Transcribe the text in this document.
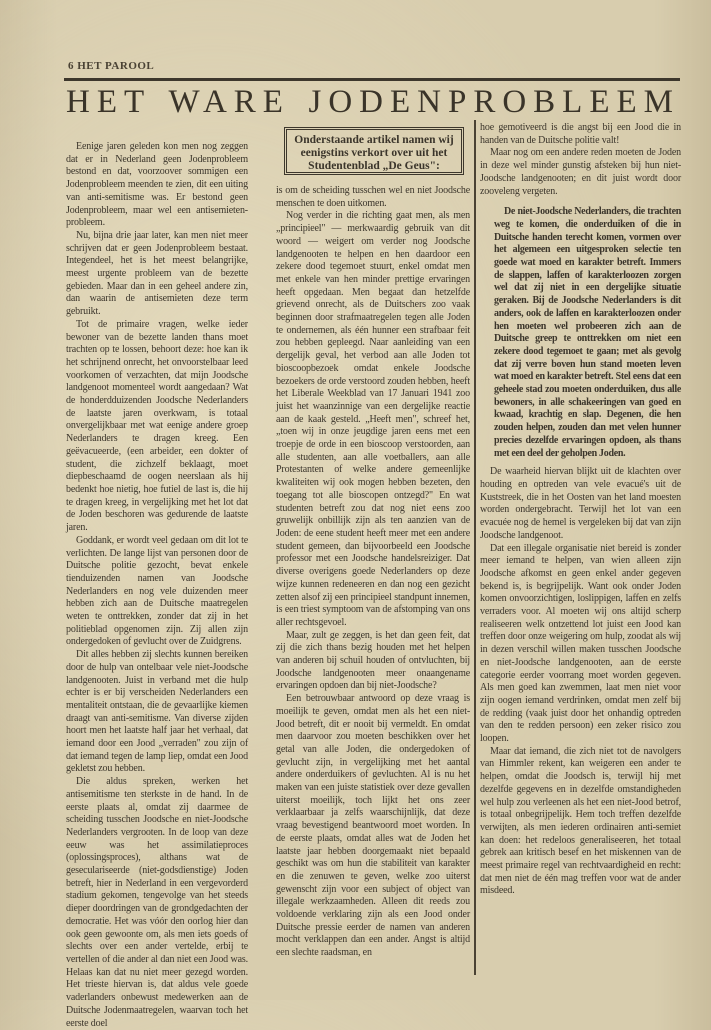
6 HET PAROOL
HET WARE JODENPROBLEEM
Onderstaande artikel namen wij eenigstins verkort over uit het Studentenblad „De Geus":

Eenige jaren geleden kon men nog zeggen dat er in Nederland geen Jodenprobleem bestond en dat, voorzoover sommigen een Jodenprobleem meenden te zien, dit een uiting van anti-semitisme was. Er bestond geen Jodenprobleem, maar wel een antisemieten-probleem.

Nu, bijna drie jaar later, kan men niet meer schrijven dat er geen Jodenprobleem bestaat. Integendeel, het is het meest belangrijke, meest urgente probleem van de bezette gebieden. Maar dan in een geheel andere zin, dan waarin de antisemieten deze term gebruikt.

Tot de primaire vragen, welke ieder bewoner van de bezette landen thans moet trachten op te lossen, behoort deze: hoe kan ik het schrijnend onrecht, het onvoorstelbaar leed voorkomen of verzachten, dat mijn Joodsche landgenoot momenteel wordt aangedaan? Wat de honderdduizenden Joodsche Nederlanders de laatste jaren overkwam, is totaal onvergelijkbaar met wat eenige andere groep Nederlanders te dragen kreeg. Een geëvacueerde, (een arbeider, een dokter of student, die zichzelf beklaagt, moet diepbeschaamd de oogen neerslaan als hij bedenkt hoe nietig, hoe futiel de last is, die hij te dragen kreeg, in vergelijking met het lot dat de Joden beschoren was gedurende de laatste jaren.

Goddank, er wordt veel gedaan om dit lot te verlichten. De lange lijst van personen door de Duitsche politie gezocht, bevat enkele tienduizenden namen van Joodsche Nederlanders en nog vele duizenden meer hebben zich aan de Duitsche maatregelen weten te onttrekken, zonder dat zij in het politieblad opgenomen zijn. Zij allen zijn ondergedoken of gevlucht over de Zuidgrens.

Dit alles hebben zij slechts kunnen bereiken door de hulp van ontelbaar vele niet-Joodsche landgenooten. Juist in verband met die hulp echter is er bij verscheiden Nederlanders een mentaliteit ontstaan, die de gevaarlijke kiemen draagt van anti-semitisme. Van diverse zijden hoort men het laatste half jaar het verhaal, dat iemand door een Jood „verraden" zou zijn of dat iemand tegen de lamp liep, omdat een Jood gekletst zou hebben.

Die aldus spreken, werken het antisemitisme ten sterkste in de hand. In de eerste plaats al, omdat zij daarmee de scheiding tusschen Joodsche en niet-Joodsche Nederlanders vergrooten. In de loop van deze eeuw was het assimilatieproces (oplossingsproces), althans wat de geseculariseerde (niet-godsdienstige) Joden betreft, hier in Nederland in een vergevorderd stadium gekomen, tengevolge van het steeds dieper doordringen van de grondgedachten der democratie. Het was vóór den oorlog hier dan ook geen gewoonte om, als men iets goeds of slechts over een ander vertelde, erbij te vertellen of die ander al dan niet een Jood was. Helaas kan dat nu niet meer gezegd worden. Het trieste hiervan is, dat aldus vele goede vaderlanders onbewust medewerken aan de Duitsche Jodenmaatregelen, waarvan toch het eerste doel

is om de scheiding tusschen wel en niet Joodsche menschen te doen uitkomen.

Nog verder in die richting gaat men, als men „principieel" — merkwaardig gebruik van dit woord — weigert om verder nog Joodsche landgenooten te helpen en hen daardoor een zekere dood tegemoet stuurt, enkel omdat men met enkele van hen minder prettige ervaringen heeft opgedaan. Men begaat dan hetzelfde grievend onrecht, als de Duitschers zoo vaak beginnen door strafmaatregelen tegen alle Joden te ondernemen, als één hunner een strafbaar feit zou hebben gepleegd. Naar aanleiding van een dergelijk geval, het verbod aan alle Joden tot bioscoopbezoek omdat enkele Joodsche bezoekers de orde verstoord zouden hebben, heeft het Liberale Weekblad van 17 Januari 1941 zoo juist het waanzinnige van een dergelijke reactie aan de kaak gesteld. „Heeft men", schreef het, „toen wij in onze jeugdige jaren eens met een troepje de orde in een bioscoop verstoorden, aan alle studenten, aan alle voetballers, aan alle Protestanten of welke andere gemeenlijke kwaliteiten wij ook mogen hebben bezeten, den toegang tot alle bioscopen ontzegd?" En wat studenten betreft zou dat nog niet eens zoo gruwelijk onbillijk zijn als ten aanzien van de Joden: de eene student heeft meer met een andere student gemeen, dan bijvoorbeeld een Joodsche professor met een Joodsche handelsreiziger. Dat diverse overigens goede Nederlanders op deze wijze kunnen redeneeren en dan nog een gezicht zetten alsof zij een principieel standpunt innemen, is een triest symptoom van de afstomping van ons aller rechtsgevoel.

Maar, zult ge zeggen, is het dan geen feit, dat zij die zich thans bezig houden met het helpen van anderen bij schuil houden of ontvluchten, bij Joodsche landgenooten meer onaangename ervaringen opdoen dan bij niet-Joodsche?

Een betrouwbaar antwoord op deze vraag is moeilijk te geven, omdat men als het een niet-Jood betreft, dit er nooit bij vermeldt. En omdat men daarvoor zou moeten beschikken over het getal van alle Joden, die ondergedoken of gevlucht zijn, in vergelijking met het aantal andere onderduikers of gevluchten. Al is nu het maken van een juiste statistiek over deze gevallen uiterst moeilijk, toch lijkt het ons zeer verklaarbaar ja zelfs waarschijnlijk, dat deze vraag bevestigend beantwoord moet worden. In de eerste plaats, omdat alles wat de Joden het laatste jaar hebben doorgemaakt niet bepaald geschikt was om hun die stabiliteit van karakter en die zenuwen te geven, welke zoo uiterst gewenscht zijn voor een subject of object van illegale werkzaamheden. Alleen dit reeds zou voldoende verklaring zijn als een Jood onder Duitsche pressie eerder de namen van anderen mocht verklappen dan een ander. Angst is altijd een slechte raadsman, en

hoe gemotiveerd is die angst bij een Jood die in handen van de Duitsche politie valt!

Maar nog om een andere reden moeten de Joden in deze wel minder gunstig afsteken bij hun niet-Joodsche landgenooten; en dit juist wordt door zooveleng vergeten.

De niet-Joodsche Nederlanders, die trachten weg te komen, die onderduiken of die in Duitsche handen terecht komen, vormen over het algemeen een uitgesproken selectie ten goede wat moed en karakter betreft. Immers de slappen, laffen of karakterloozen zorgen wel dat zij niet in een dergelijke situatie geraken. Bij de Joodsche Nederlanders is dit anders, ook de laffen en karakterloozen onder hen moeten wel probeeren zich aan de Duitsche greep te onttrekken om niet een zekere dood tegemoet te gaan; met als gevolg dat zij verre boven hun stand moeten leven wat moed en karakter betreft. Stel eens dat een geheele stad zou moeten onderduiken, dus alle bewoners, in alle schakeeringen van goed en kwaad, krachtig en slap. Degenen, die hen zouden helpen, zouden dan met velen hunner precies dezelfde ervaringen opdoen, als thans met een deel der geholpen Joden.

De waarheid hiervan blijkt uit de klachten over houding en optreden van vele evacué's uit de Kuststreek, die in het Oosten van het land moesten worden ondergebracht. Terwijl het lot van een evacuée nog de hemel is vergeleken bij dat van zijn Joodsche landgenoot.

Dat een illegale organisatie niet bereid is zonder meer iemand te helpen, van wien alleen zijn Joodsche afkomst en geen enkel ander gegeven bekend is, is begrijpelijk. Want ook onder Joden komen onvoorzichtigen, loslippigen, laffen en zelfs verraders voor. Al moeten wij ons altijd scherp realiseeren welk ontzettend lot juist een Jood kan treffen door onze weigering om hulp, zoodat als wij in dezen verschil willen maken tusschen Joodsche en niet-Joodsche landgenooten, aan de eerste categorie eerder voorrang moet worden gegeven. Als men goed kan zwemmen, laat men niet voor zijn oogen iemand verdrinken, omdat men zelf bij de redding (vaak juist door het onhandig optreden van den te redden persoon) een zeker risico zou loopen.

Maar dat iemand, die zich niet tot de navolgers van Himmler rekent, kan weigeren een ander te helpen, omdat die Joodsch is, terwijl hij met dezelfde gegevens en in dezelfde omstandigheden wel hulp zou verleenen als het een niet-Jood betrof, is totaal onbegrijpelijk. Hem toch treffen dezelfde verwijten, als men iederen ordinairen anti-semiet kan doen: het redeloos generaliseeren, het totaal gebrek aan kritisch besef en het miskennen van de meest primaire regel van rechtvaardigheid en recht: dat men niet de één mag treffen voor wat de ander misdeed.
